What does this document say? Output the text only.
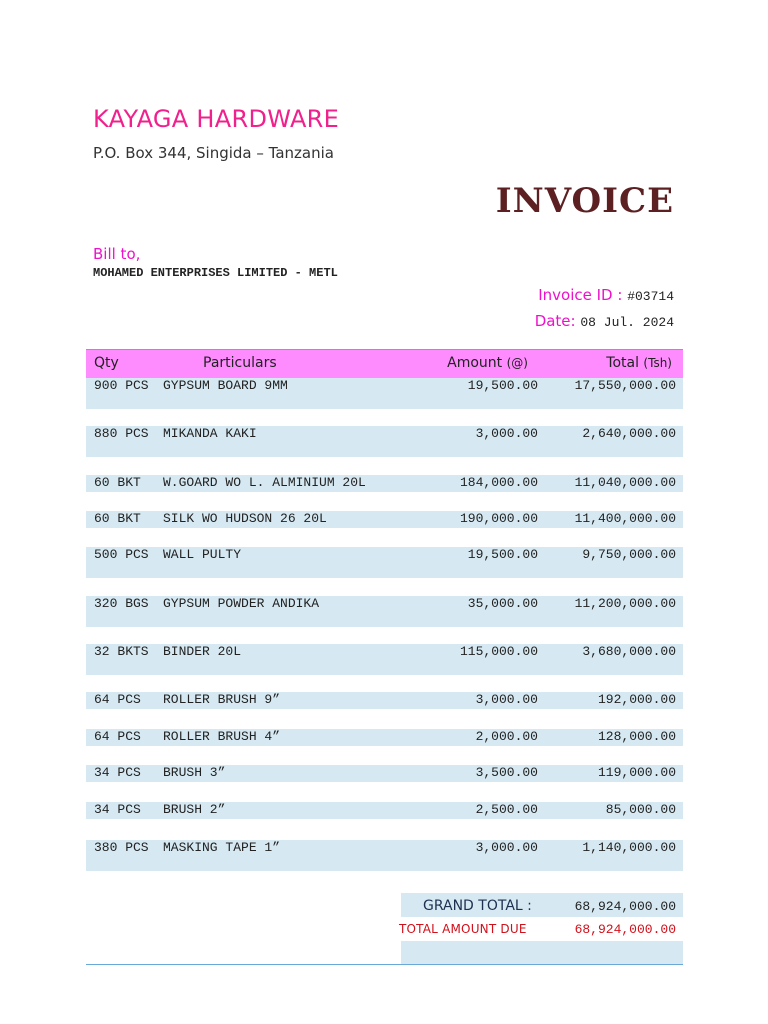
KAYAGA HARDWARE
P.O. Box 344, Singida – Tanzania
INVOICE
Bill to,
MOHAMED ENTERPRISES LIMITED - METL
Invoice ID : #03714
Date: 08 Jul. 2024
Qty	Particulars	Amount (@)	Total (Tsh)
900 PCS	GYPSUM BOARD 9MM	19,500.00	17,550,000.00
880 PCS	MIKANDA KAKI	3,000.00	2,640,000.00
60 BKT	W.GOARD WO L. ALMINIUM 20L	184,000.00	11,040,000.00
60 BKT	SILK WO HUDSON 26 20L	190,000.00	11,400,000.00
500 PCS	WALL PULTY	19,500.00	9,750,000.00
320 BGS	GYPSUM POWDER ANDIKA	35,000.00	11,200,000.00
32 BKTS	BINDER 20L	115,000.00	3,680,000.00
64 PCS	ROLLER BRUSH 9”	3,000.00	192,000.00
64 PCS	ROLLER BRUSH 4”	2,000.00	128,000.00
34 PCS	BRUSH 3”	3,500.00	119,000.00
34 PCS	BRUSH 2”	2,500.00	85,000.00
380 PCS	MASKING TAPE 1”	3,000.00	1,140,000.00
GRAND TOTAL :	68,924,000.00
TOTAL AMOUNT DUE	68,924,000.00
